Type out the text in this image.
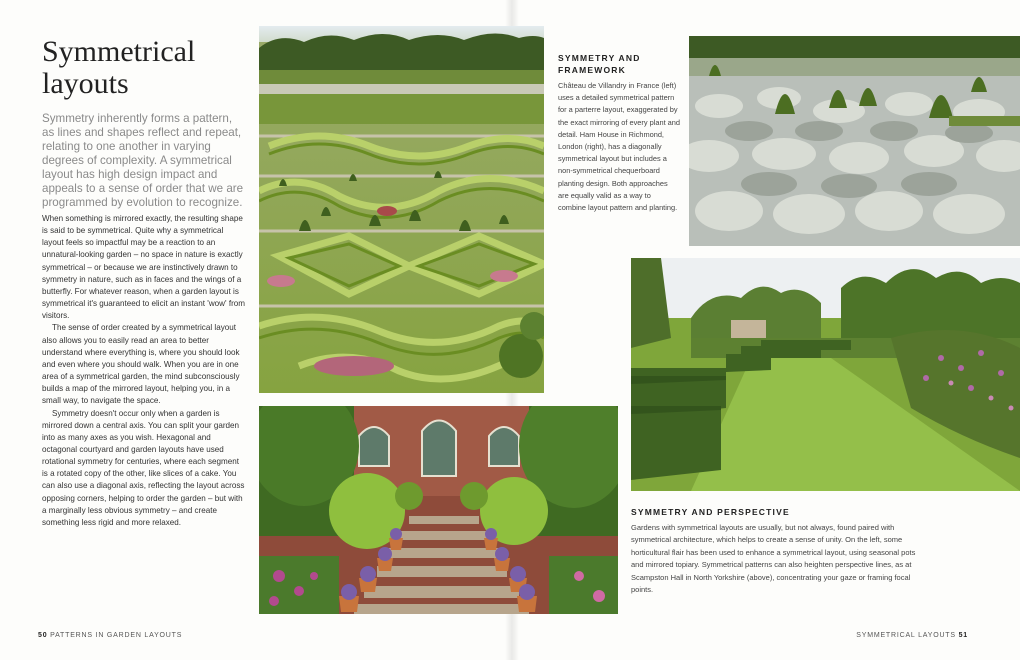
Symmetrical layouts

Symmetry inherently forms a pattern, as lines and shapes reflect and repeat, relating to one another in varying degrees of complexity. A symmetrical layout has high design impact and appeals to a sense of order that we are programmed by evolution to recognize.

When something is mirrored exactly, the resulting shape is said to be symmetrical. Quite why a symmetrical layout feels so impactful may be a reaction to an unnatural-looking garden – no space in nature is exactly symmetrical – or because we are instinctively drawn to symmetry in nature, such as in faces and the wings of a butterfly. For whatever reason, when a garden layout is symmetrical it's guaranteed to elicit an instant 'wow' from visitors.

The sense of order created by a symmetrical layout also allows you to easily read an area to better understand where everything is, where you should look and even where you should walk. When you are in one area of a symmetrical garden, the mind subconsciously builds a map of the mirrored layout, helping you, in a small way, to navigate the space.

Symmetry doesn't occur only when a garden is mirrored down a central axis. You can split your garden into as many axes as you wish. Hexagonal and octagonal courtyard and garden layouts have used rotational symmetry for centuries, where each segment is a rotated copy of the other, like slices of a cake. You can also use a diagonal axis, reflecting the layout across opposing corners, helping to order the garden – but with a marginally less obvious symmetry – and create something less rigid and more relaxed.

SYMMETRY AND FRAMEWORK

Château de Villandry in France (left) uses a detailed symmetrical pattern for a parterre layout, exaggerated by the exact mirroring of every plant and detail. Ham House in Richmond, London (right), has a diagonally symmetrical layout but includes a non-symmetrical chequerboard planting design. Both approaches are equally valid as a way to combine layout pattern and planting.

SYMMETRY AND PERSPECTIVE

Gardens with symmetrical layouts are usually, but not always, found paired with symmetrical architecture, which helps to create a sense of unity. On the left, some horticultural flair has been used to enhance a symmetrical layout, using seasonal pots and mirrored topiary. Symmetrical patterns can also heighten perspective lines, as at Scampston Hall in North Yorkshire (above), concentrating your gaze or framing focal points.

50 PATTERNS IN GARDEN LAYOUTS	SYMMETRICAL LAYOUTS 51
